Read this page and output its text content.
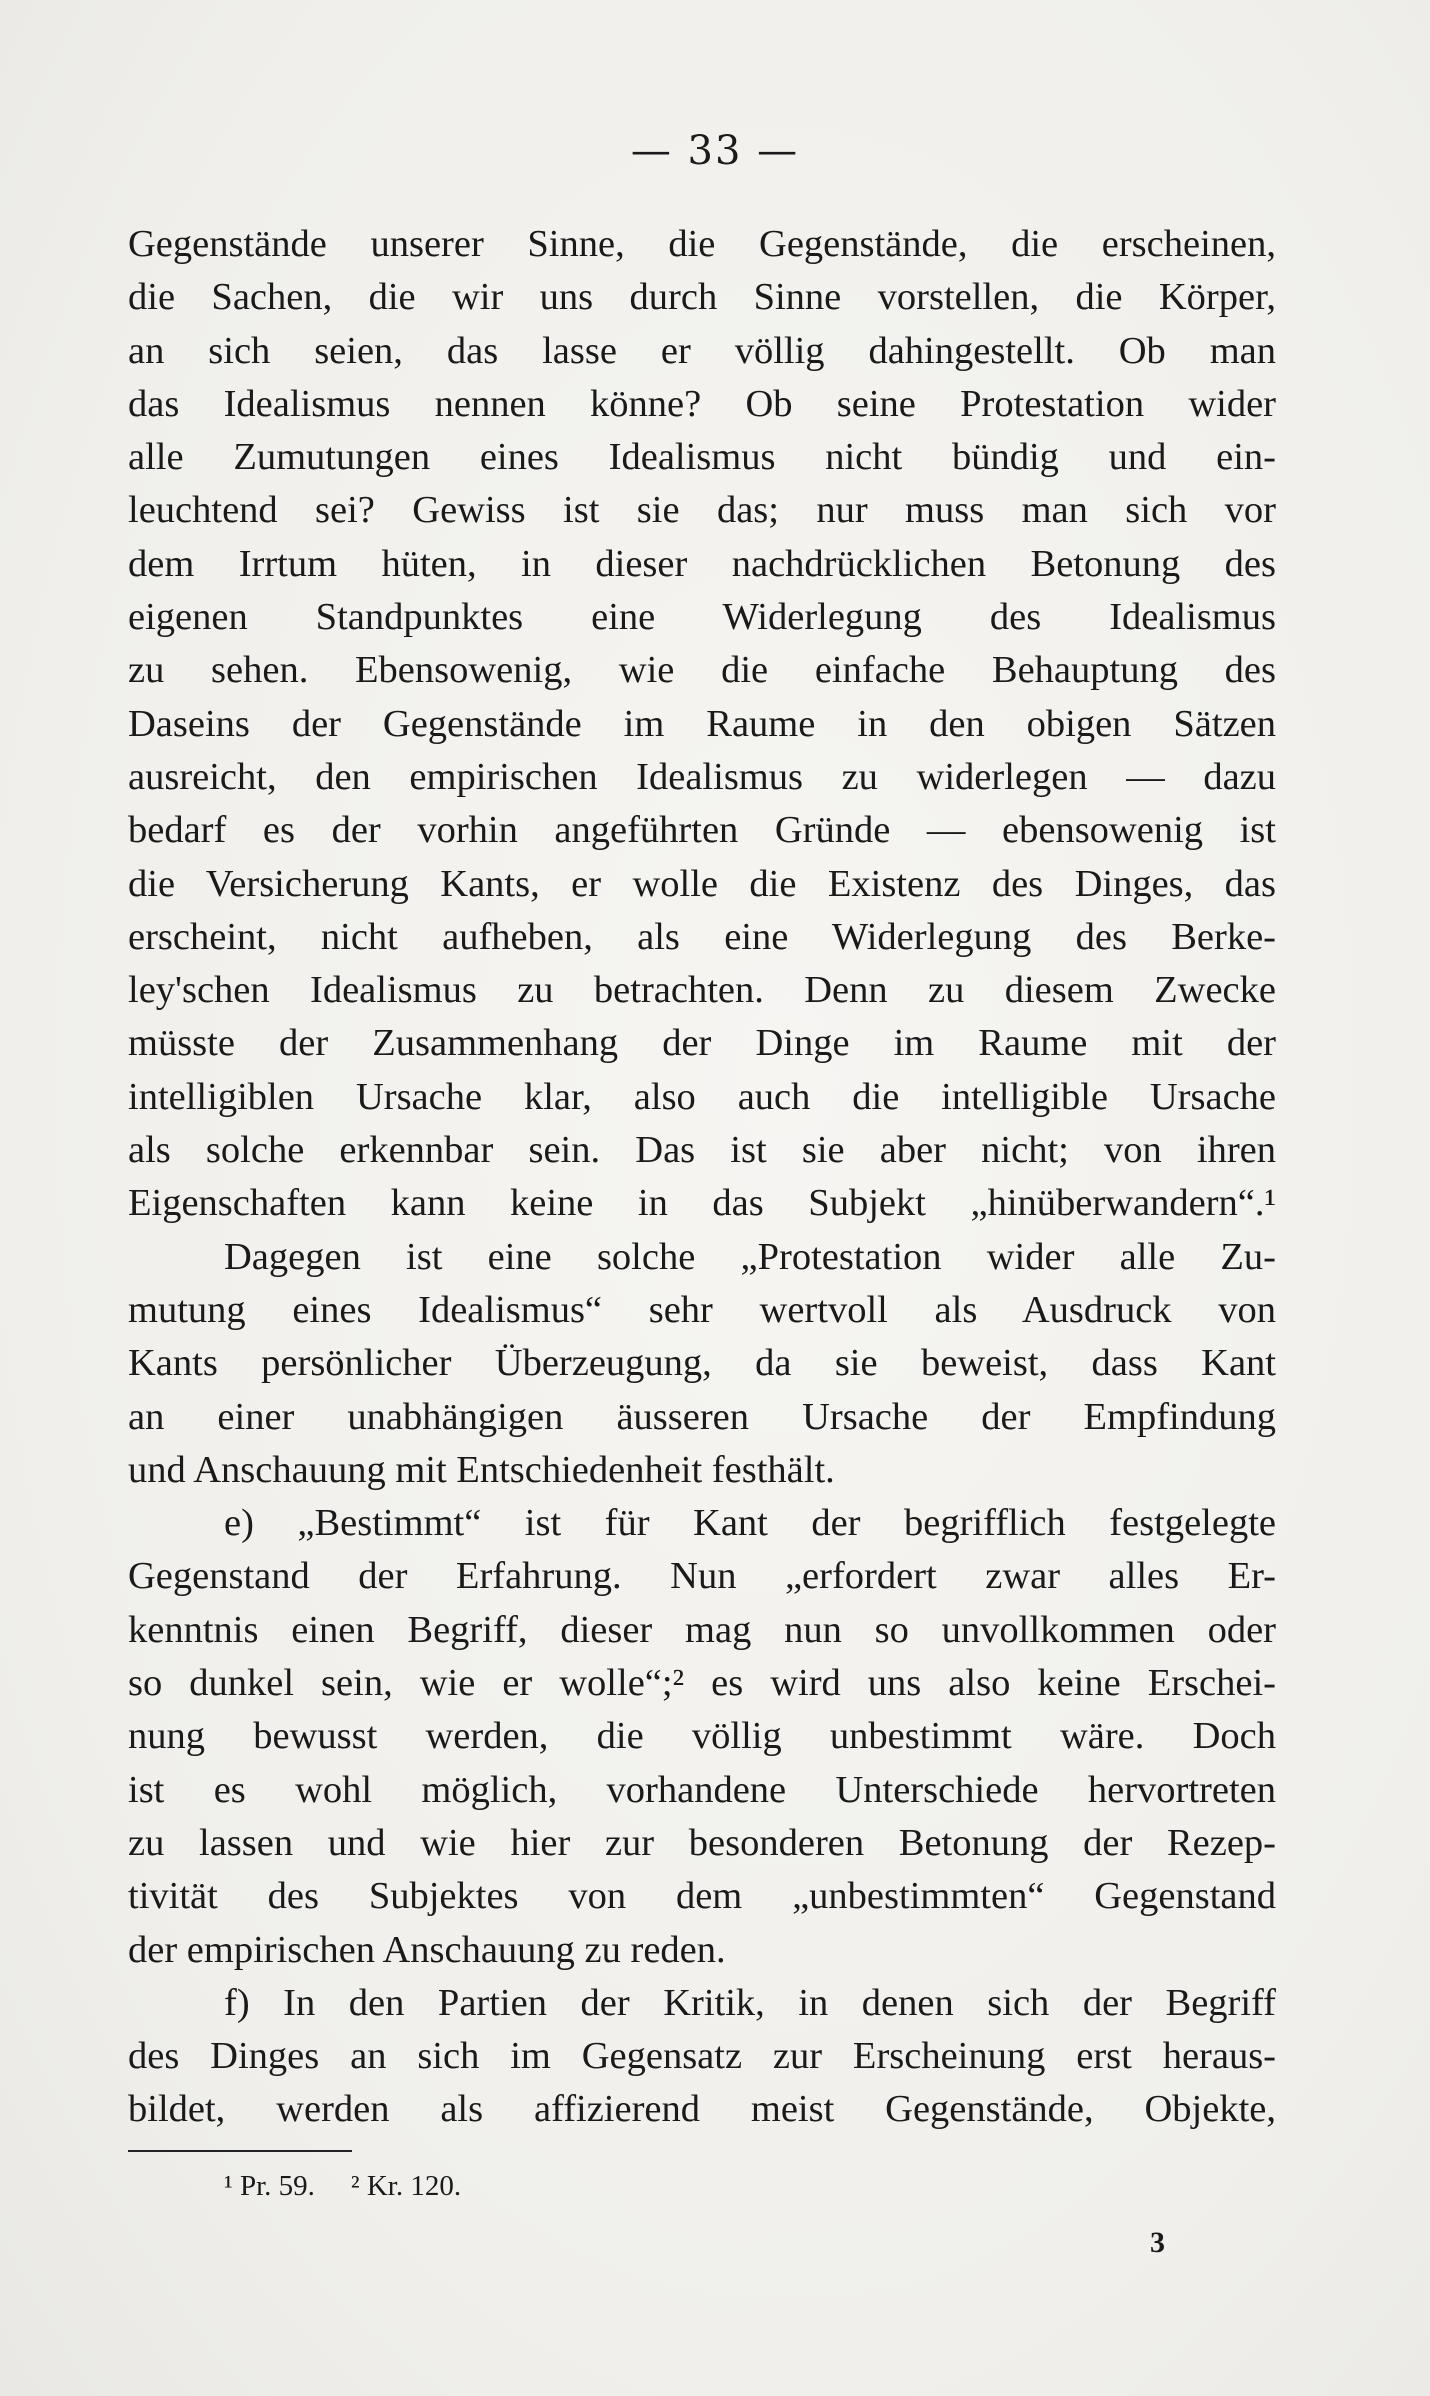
— 33 —
Gegenstände unserer Sinne, die Gegenstände, die erscheinen,
die Sachen, die wir uns durch Sinne vorstellen, die Körper,
an sich seien, das lasse er völlig dahingestellt. Ob man
das Idealismus nennen könne? Ob seine Protestation wider
alle Zumutungen eines Idealismus nicht bündig und ein-
leuchtend sei? Gewiss ist sie das; nur muss man sich vor
dem Irrtum hüten, in dieser nachdrücklichen Betonung des
eigenen Standpunktes eine Widerlegung des Idealismus
zu sehen. Ebensowenig, wie die einfache Behauptung des
Daseins der Gegenstände im Raume in den obigen Sätzen
ausreicht, den empirischen Idealismus zu widerlegen — dazu
bedarf es der vorhin angeführten Gründe — ebensowenig ist
die Versicherung Kants, er wolle die Existenz des Dinges, das
erscheint, nicht aufheben, als eine Widerlegung des Berke-
ley'schen Idealismus zu betrachten. Denn zu diesem Zwecke
müsste der Zusammenhang der Dinge im Raume mit der
intelligiblen Ursache klar, also auch die intelligible Ursache
als solche erkennbar sein. Das ist sie aber nicht; von ihren
Eigenschaften kann keine in das Subjekt „hinüberwandern“.¹
Dagegen ist eine solche „Protestation wider alle Zu-
mutung eines Idealismus“ sehr wertvoll als Ausdruck von
Kants persönlicher Überzeugung, da sie beweist, dass Kant
an einer unabhängigen äusseren Ursache der Empfindung
und Anschauung mit Entschiedenheit festhält.
e) „Bestimmt“ ist für Kant der begrifflich festgelegte
Gegenstand der Erfahrung. Nun „erfordert zwar alles Er-
kenntnis einen Begriff, dieser mag nun so unvollkommen oder
so dunkel sein, wie er wolle“;² es wird uns also keine Erschei-
nung bewusst werden, die völlig unbestimmt wäre. Doch
ist es wohl möglich, vorhandene Unterschiede hervortreten
zu lassen und wie hier zur besonderen Betonung der Rezep-
tivität des Subjektes von dem „unbestimmten“ Gegenstand
der empirischen Anschauung zu reden.
f) In den Partien der Kritik, in denen sich der Begriff
des Dinges an sich im Gegensatz zur Erscheinung erst heraus-
bildet, werden als affizierend meist Gegenstände, Objekte,
¹ Pr. 59. ² Kr. 120.
3
